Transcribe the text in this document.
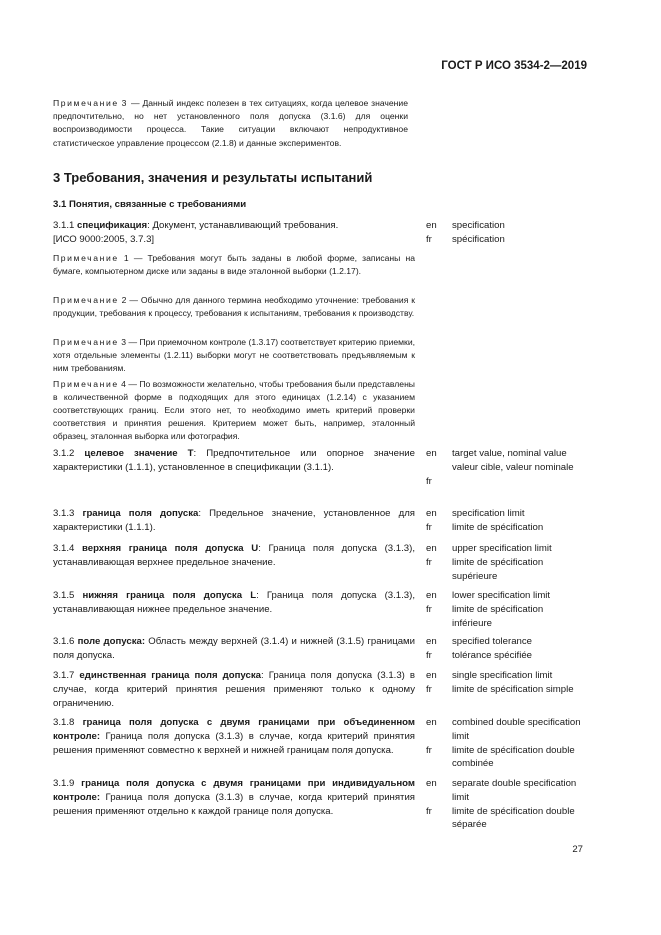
ГОСТ Р ИСО 3534-2—2019
Примечание 3 — Данный индекс полезен в тех ситуациях, когда целевое значение предпочтительно, но нет установленного поля допуска (3.1.6) для оценки воспроизводимости процесса. Такие ситуации включают непродуктивное статистическое управление процессом (2.1.8) и данные экспериментов.
3 Требования, значения и результаты испытаний
3.1 Понятия, связанные с требованиями
3.1.1 спецификация: Документ, устанавливающий требования.
[ИСО 9000:2005, 3.7.3]
en
fr
specification
spécification
Примечание 1 — Требования могут быть заданы в любой форме, записаны на бумаге, компьютерном диске или заданы в виде эталонной выборки (1.2.17).
Примечание 2 — Обычно для данного термина необходимо уточнение: требования к продукции, требования к процессу, требования к испытаниям, требования к производству.
Примечание 3 — При приемочном контроле (1.3.17) соответствует критерию приемки, хотя отдельные элементы (1.2.11) выборки могут не соответствовать предъявляемым к ним требованиям.
Примечание 4 — По возможности желательно, чтобы требования были представлены в количественной форме в подходящих для этого единицах (1.2.14) с указанием соответствующих границ. Если этого нет, то необходимо иметь критерий проверки соответствия и принятия решения. Критерием может быть, например, эталонный образец, эталонная выборка или фотография.
3.1.2 целевое значение T: Предпочтительное или опорное значение характеристики (1.1.1), установленное в спецификации (3.1.1).
en

fr
target value, nominal value
valeur cible, valeur nominale
3.1.3 граница поля допуска: Предельное значение, установленное для характеристики (1.1.1).
en
fr
specification limit
limite de spécification
3.1.4 верхняя граница поля допуска U: Граница поля допуска (3.1.3), устанавливающая верхнее предельное значение.
en
fr
upper specification limit
limite de spécification supérieure
3.1.5 нижняя граница поля допуска L: Граница поля допуска (3.1.3), устанавливающая нижнее предельное значение.
en
fr
lower specification limit
limite de spécification inférieure
3.1.6 поле допуска: Область между верхней (3.1.4) и нижней (3.1.5) границами поля допуска.
en
fr
specified tolerance
tolérance spécifiée
3.1.7 единственная граница поля допуска: Граница поля допуска (3.1.3) в случае, когда критерий принятия решения применяют только к одному ограничению.
en
fr
single specification limit
limite de spécification simple
3.1.8 граница поля допуска с двумя границами при объединенном контроле: Граница поля допуска (3.1.3) в случае, когда критерий принятия решения применяют совместно к верхней и нижней границам поля допуска.
en

fr
combined double specification limit
limite de spécification double combinée
3.1.9 граница поля допуска с двумя границами при индивидуальном контроле: Граница поля допуска (3.1.3) в случае, когда критерий принятия решения применяют отдельно к каждой границе поля допуска.
en

fr
separate double specification limit
limite de spécification double séparée
27
